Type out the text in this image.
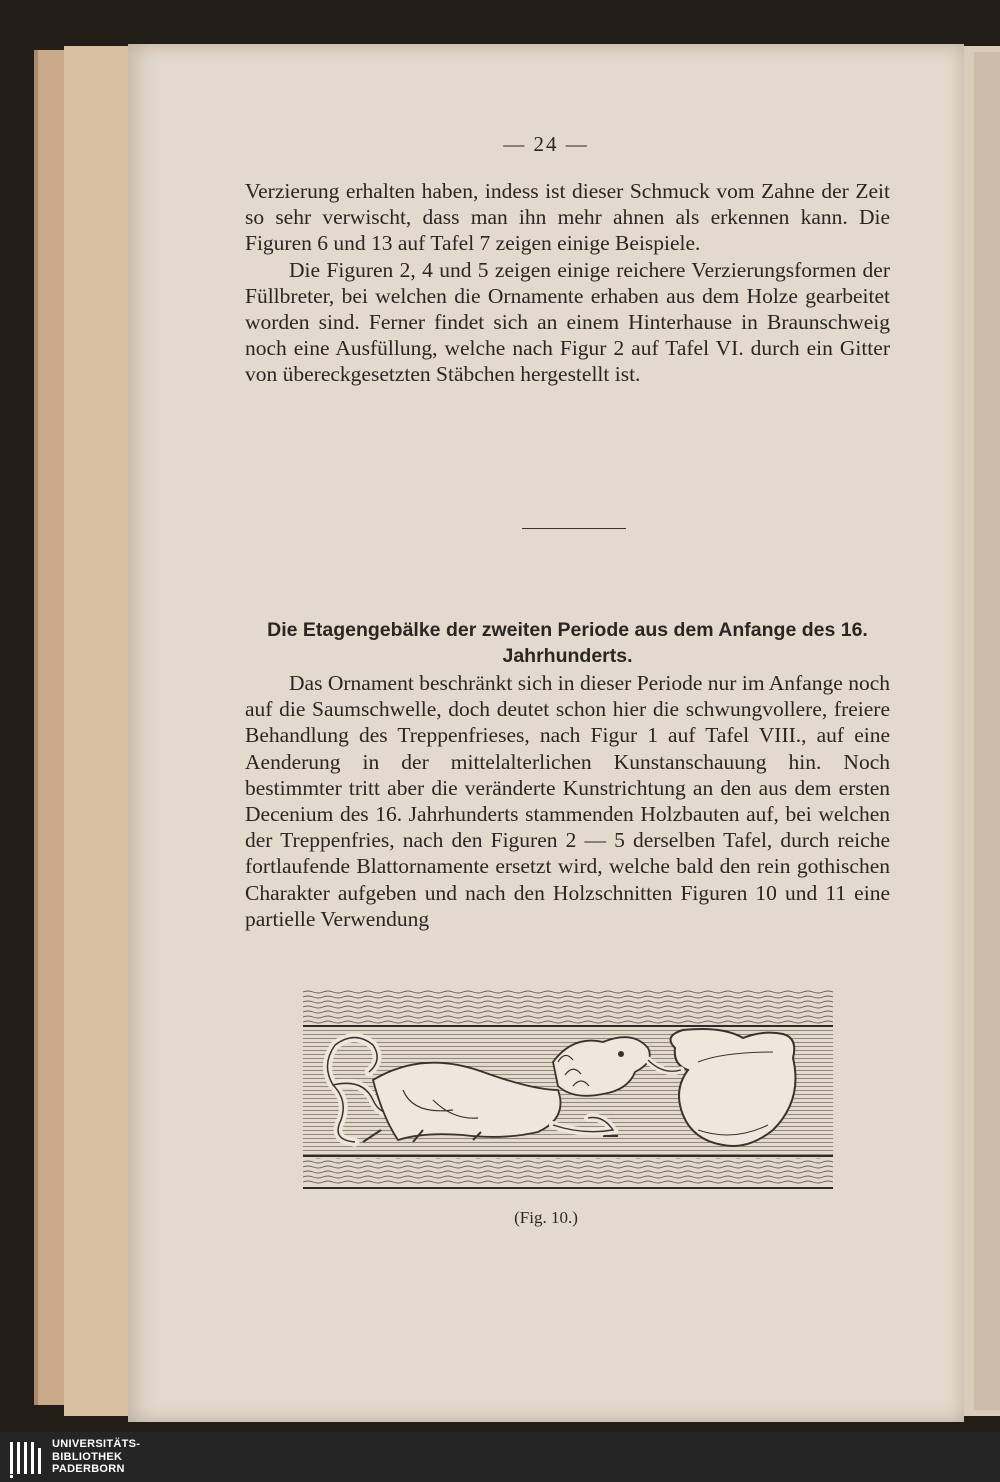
— 24 —

Verzierung erhalten haben, indess ist dieser Schmuck vom Zahne der Zeit so sehr verwischt, dass man ihn mehr ahnen als erkennen kann. Die Figuren 6 und 13 auf Tafel 7 zeigen einige Beispiele.

Die Figuren 2, 4 und 5 zeigen einige reichere Verzierungsformen der Füllbreter, bei welchen die Ornamente erhaben aus dem Holze gearbeitet worden sind. Ferner findet sich an einem Hinterhause in Braunschweig noch eine Ausfüllung, welche nach Figur 2 auf Tafel VI. durch ein Gitter von übereckgesetzten Stäbchen hergestellt ist.

Die Etagengebälke der zweiten Periode aus dem Anfange des 16. Jahrhunderts.

Das Ornament beschränkt sich in dieser Periode nur im Anfange noch auf die Saumschwelle, doch deutet schon hier die schwungvollere, freiere Behandlung des Treppenfrieses, nach Figur 1 auf Tafel VIII., auf eine Aenderung in der mittelalterlichen Kunstanschauung hin. Noch bestimmter tritt aber die veränderte Kunstrichtung an den aus dem ersten Decenium des 16. Jahrhunderts stammenden Holzbauten auf, bei welchen der Treppenfries, nach den Figuren 2 — 5 derselben Tafel, durch reiche fortlaufende Blattornamente ersetzt wird, welche bald den rein gothischen Charakter aufgeben und nach den Holzschnitten Figuren 10 und 11 eine partielle Verwendung

(Fig. 10.)
UNIVERSITÄTS-
BIBLIOTHEK
PADERBORN
